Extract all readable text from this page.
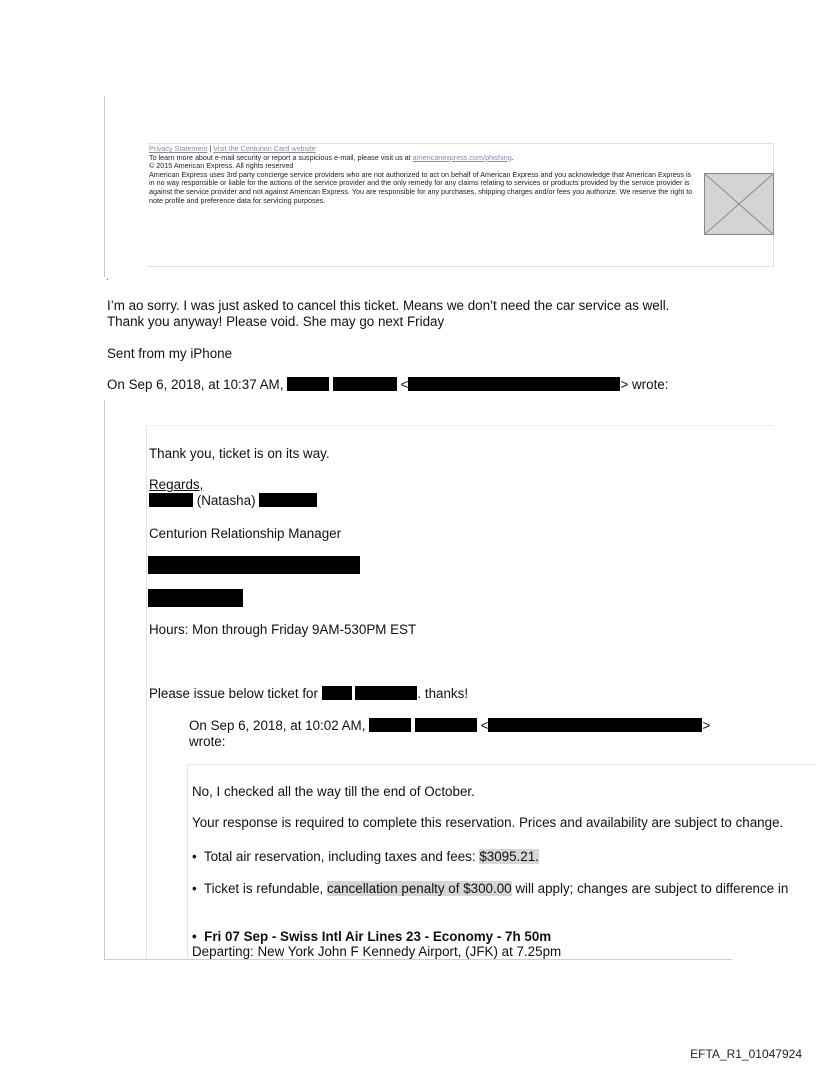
Privacy Statement | Visit the Centurion Card website
To learn more about e-mail security or report a suspicious e-mail, please visit us at americanexpress.com/phishing.
© 2015 American Express. All rights reserved
American Express uses 3rd party concierge service providers who are not authorized to act on behalf of American Express and you acknowledge that American Express is in no way responsible or liable for the actions of the service provider and the only remedy for any claims relating to services or products provided by the service provider is against the service provider and not against American Express. You are responsible for any purchases, shipping charges and/or fees you authorize. We reserve the right to note profile and preference data for servicing purposes.
.
I’m ao sorry. I was just asked to cancel this ticket. Means we don’t need the car service as well.
Thank you anyway! Please void. She may go next Friday
Sent from my iPhone
On Sep 6, 2018, at 10:37 AM,	<	> wrote:
Thank you, ticket is on its way.
Regards,
(Natasha)
Centurion Relationship Manager
Hours: Mon through Friday 9AM-530PM EST
Please issue below ticket for	. thanks!
On Sep 6, 2018, at 10:02 AM,	<	>
wrote:
No, I checked all the way till the end of October.
Your response is required to complete this reservation. Prices and availability are subject to change.
• Total air reservation, including taxes and fees: $3095.21.
• Ticket is refundable, cancellation penalty of $300.00 will apply; changes are subject to difference in
• Fri 07 Sep - Swiss Intl Air Lines 23 - Economy - 7h 50m
Departing: New York John F Kennedy Airport, (JFK) at 7.25pm
EFTA_R1_01047924
